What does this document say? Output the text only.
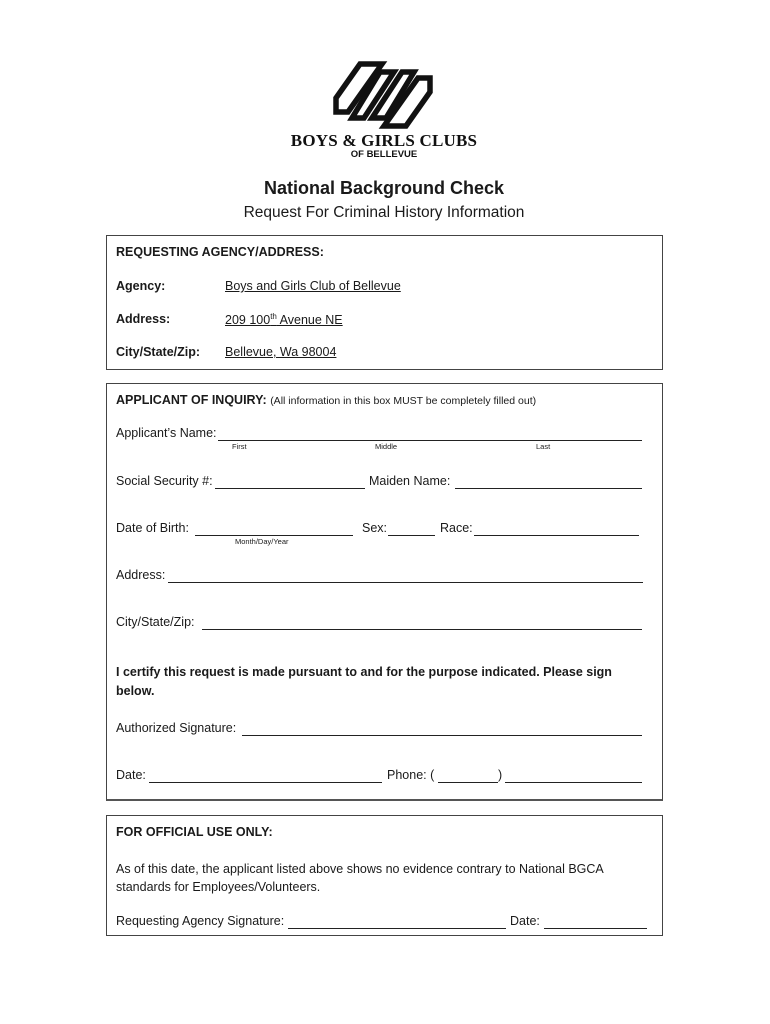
BOYS & GIRLS CLUBS
OF BELLEVUE
National Background Check
Request For Criminal History Information
REQUESTING AGENCY/ADDRESS:
Agency:	Boys and Girls Club of Bellevue
Address:	209 100th Avenue NE
City/State/Zip: Bellevue, Wa 98004
APPLICANT OF INQUIRY: (All information in this box MUST be completely filled out)
Applicant’s Name:
First	Middle	Last
Social Security #:	Maiden Name:
Date of Birth:
Month/Day/Year
Sex:	Race:
Address:
City/State/Zip:
I certify this request is made pursuant to and for the purpose indicated. Please sign
below.
Authorized Signature:
Date:	Phone: (	)
FOR OFFICIAL USE ONLY:
As of this date, the applicant listed above shows no evidence contrary to National BGCA
standards for Employees/Volunteers.
Requesting Agency Signature:	Date:
